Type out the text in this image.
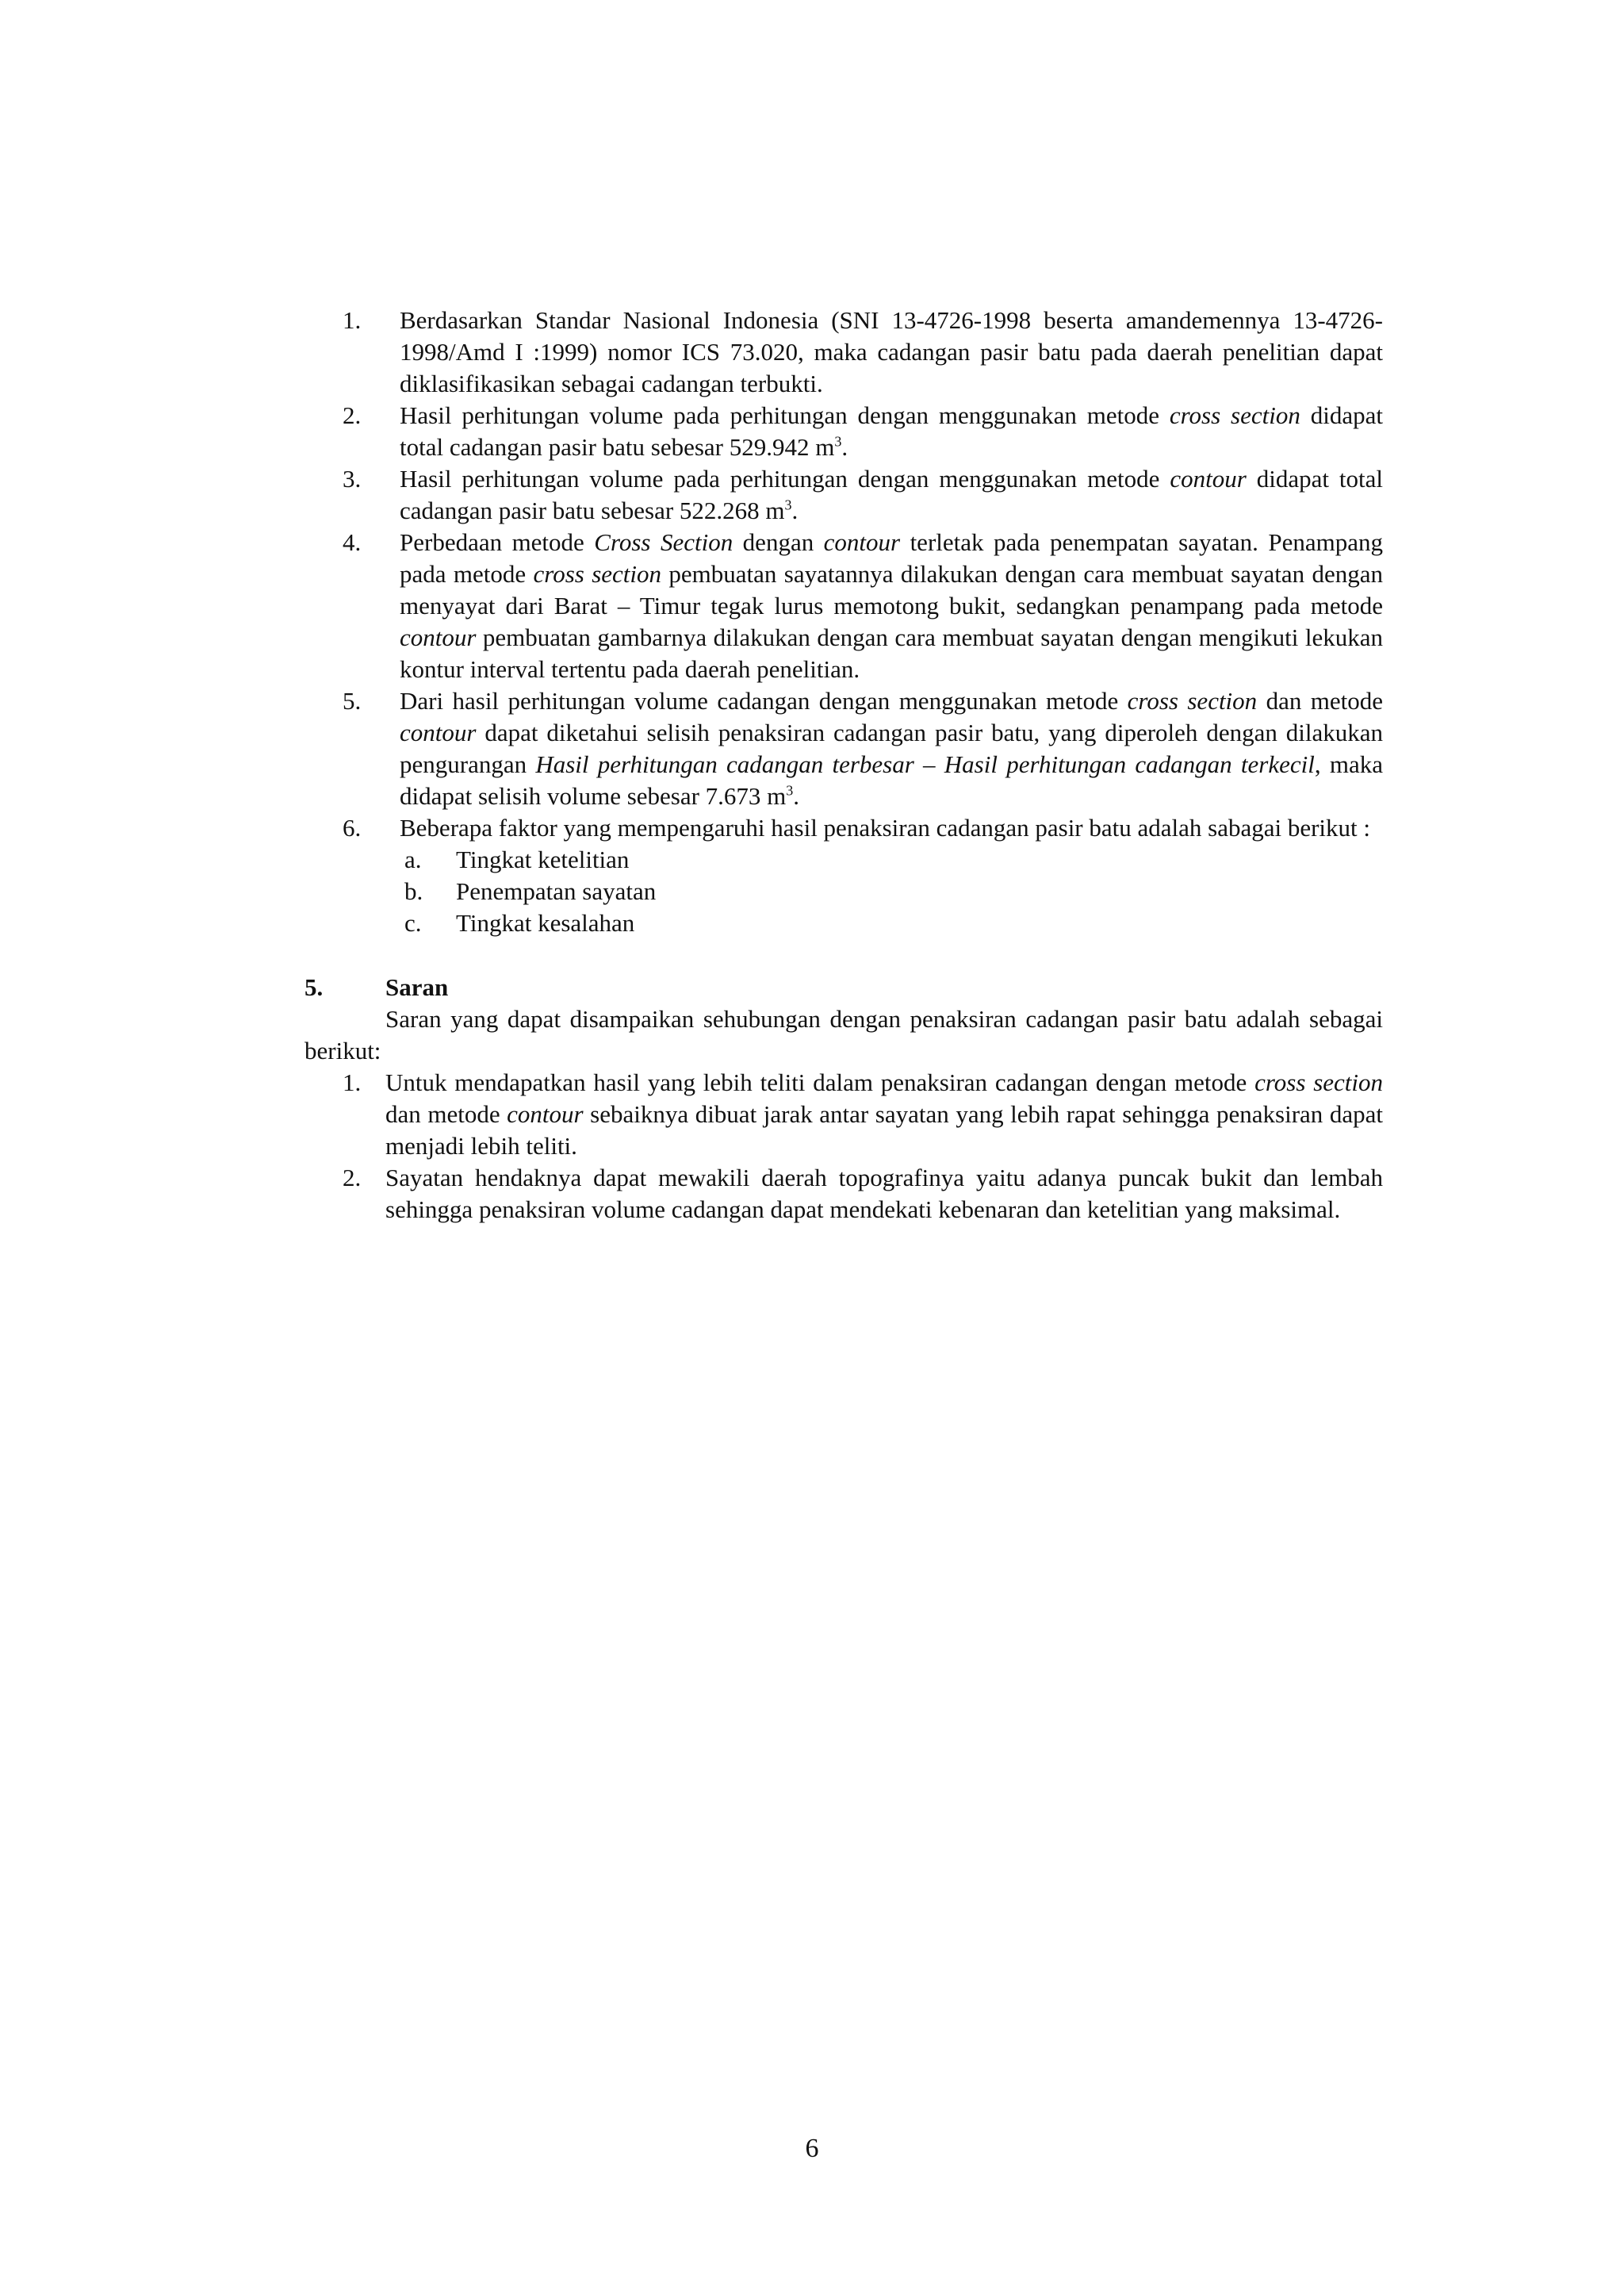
1.	Berdasarkan Standar Nasional Indonesia (SNI 13-4726-1998 beserta amandemennya 13-4726-1998/Amd I :1999) nomor ICS 73.020, maka cadangan pasir batu pada daerah penelitian dapat diklasifikasikan sebagai cadangan terbukti.
2.	Hasil perhitungan volume pada perhitungan dengan menggunakan metode cross section didapat total cadangan pasir batu sebesar 529.942 $m^3$.
3.	Hasil perhitungan volume pada perhitungan dengan menggunakan metode contour didapat total cadangan pasir batu sebesar 522.268 $m^3$.
4.	Perbedaan metode Cross Section dengan contour terletak pada penempatan sayatan. Penampang pada metode cross section pembuatan sayatannya dilakukan dengan cara membuat sayatan dengan menyayat dari Barat – Timur tegak lurus memotong bukit, sedangkan penampang pada metode contour pembuatan gambarnya dilakukan dengan cara membuat sayatan dengan mengikuti lekukan kontur interval tertentu pada daerah penelitian.
5.	Dari hasil perhitungan volume cadangan dengan menggunakan metode cross section dan metode contour dapat diketahui selisih penaksiran cadangan pasir batu, yang diperoleh dengan dilakukan pengurangan Hasil perhitungan cadangan terbesar – Hasil perhitungan cadangan terkecil, maka didapat selisih volume sebesar 7.673 $m^3$.
6.	Beberapa faktor yang mempengaruhi hasil penaksiran cadangan pasir batu adalah sabagai berikut :
a. Tingkat ketelitian
b. Penempatan sayatan
c. Tingkat kesalahan
5.	Saran

Saran yang dapat disampaikan sehubungan dengan penaksiran cadangan pasir batu adalah sebagai berikut:

1. Untuk mendapatkan hasil yang lebih teliti dalam penaksiran cadangan dengan metode cross section dan metode contour sebaiknya dibuat jarak antar sayatan yang lebih rapat sehingga penaksiran dapat menjadi lebih teliti.
2. Sayatan hendaknya dapat mewakili daerah topografinya yaitu adanya puncak bukit dan lembah sehingga penaksiran volume cadangan dapat mendekati kebenaran dan ketelitian yang maksimal.
6
